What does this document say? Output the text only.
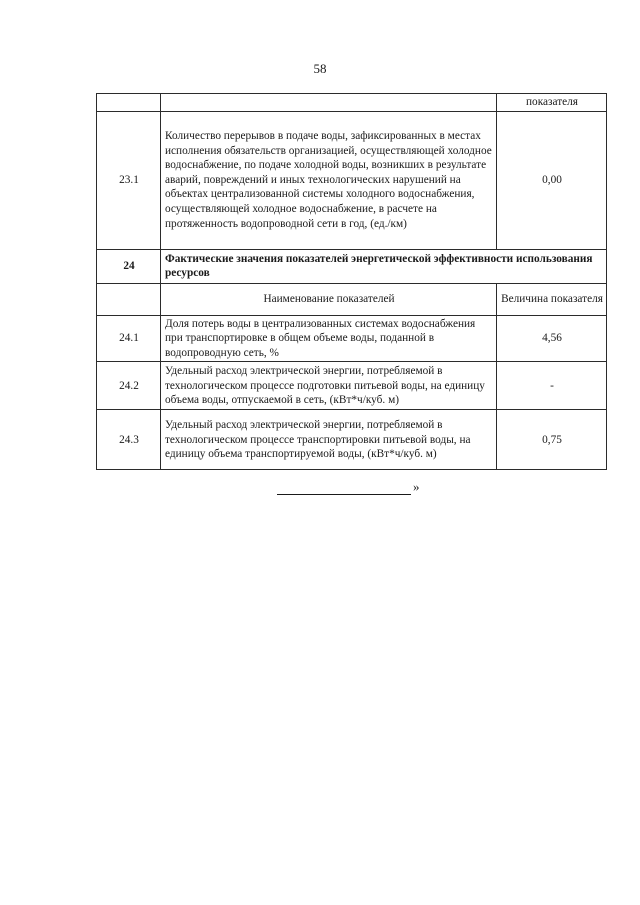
58
		показателя
23.1	Количество перерывов в подаче воды, зафиксированных в местах исполнения обязательств организацией, осуществляющей холодное водоснабжение, по подаче холодной воды, возникших в результате аварий, повреждений и иных технологических нарушений на объектах централизованной системы холодного водоснабжения, осуществляющей холодное водоснабжение, в расчете на протяженность водопроводной сети в год, (ед./км)	0,00
24	Фактические значения показателей энергетической эффективности использования ресурсов	
	Наименование показателей	Величина показателя
24.1	Доля потерь воды в централизованных системах водоснабжения при транспортировке в общем объеме воды, поданной в водопроводную сеть, %	4,56
24.2	Удельный расход электрической энергии, потребляемой в технологическом процессе подготовки питьевой воды, на единицу объема воды, отпускаемой в сеть, (кВт*ч/куб. м)	-
24.3	Удельный расход электрической энергии, потребляемой в технологическом процессе транспортировки питьевой воды, на единицу объема транспортируемой воды, (кВт*ч/куб. м)	0,75
»
